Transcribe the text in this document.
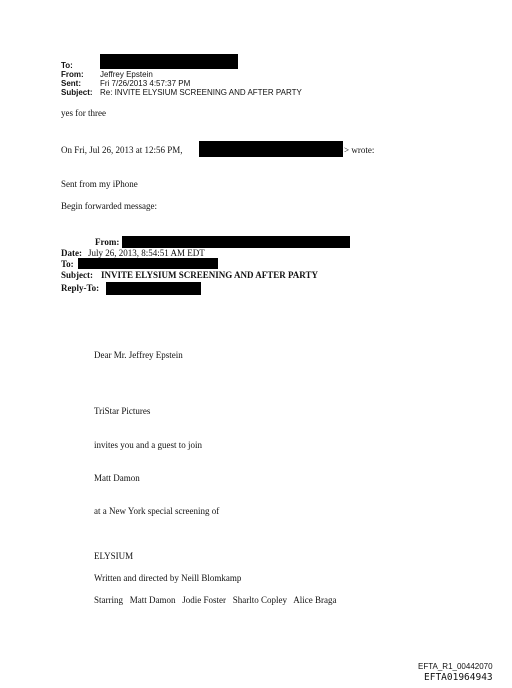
To:
From: Jeffrey Epstein
Sent: Fri 7/26/2013 4:57:37 PM
Subject: Re: INVITE ELYSIUM SCREENING AND AFTER PARTY
yes for three
On Fri, Jul 26, 2013 at 12:56 PM,	> wrote:
Sent from my iPhone
Begin forwarded message:
From:
Date: July 26, 2013, 8:54:51 AM EDT
To:
Subject: INVITE ELYSIUM SCREENING AND AFTER PARTY
Reply-To:
Dear Mr. Jeffrey Epstein
TriStar Pictures
invites you and a guest to join
Matt Damon
at a New York special screening of
ELYSIUM
Written and directed by Neill Blomkamp
Starring   Matt Damon   Jodie Foster   Sharlto Copley   Alice Braga
EFTA_R1_00442070
EFTA01964943
